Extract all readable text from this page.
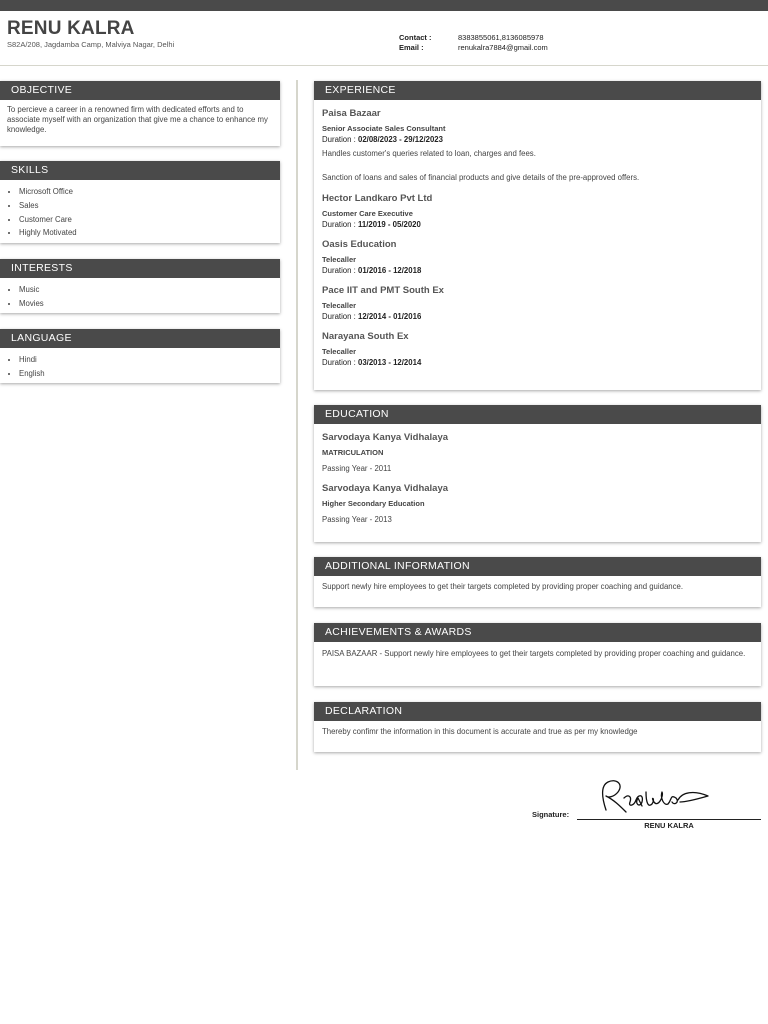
RENU KALRA
S82A/208, Jagdamba Camp, Malviya Nagar, Delhi
Contact :	8383855061,8136085978
Email :	renukalra7884@gmail.com
OBJECTIVE
To percieve a career in a renowned firm with dedicated efforts and to associate myself with an organization that give me a chance to enhance my knowledge.
SKILLS
• Microsoft Office
• Sales
• Customer Care
• Highly Motivated
INTERESTS
• Music
• Movies
LANGUAGE
• Hindi
• English
EXPERIENCE
Paisa Bazaar
Senior Associate Sales Consultant
Duration : 02/08/2023 - 29/12/2023
Handles customer's queries related to loan, charges and fees.
Sanction of loans and sales of financial products and give details of the pre-approved offers.
Hector Landkaro Pvt Ltd
Customer Care Executive
Duration : 11/2019 - 05/2020
Oasis Education
Telecaller
Duration : 01/2016 - 12/2018
Pace IIT and PMT South Ex
Telecaller
Duration : 12/2014 - 01/2016
Narayana South Ex
Telecaller
Duration : 03/2013 - 12/2014
EDUCATION
Sarvodaya Kanya Vidhalaya
MATRICULATION
Passing Year - 2011
Sarvodaya Kanya Vidhalaya
Higher Secondary Education
Passing Year - 2013
ADDITIONAL INFORMATION
Support newly hire employees to get their targets completed by providing proper coaching and guidance.
ACHIEVEMENTS & AWARDS
PAISA BAZAAR - Support newly hire employees to get their targets completed by providing proper coaching and guidance.
DECLARATION
Thereby confimr the information in this document is accurate and true as per my knowledge
Signature:
RENU KALRA
